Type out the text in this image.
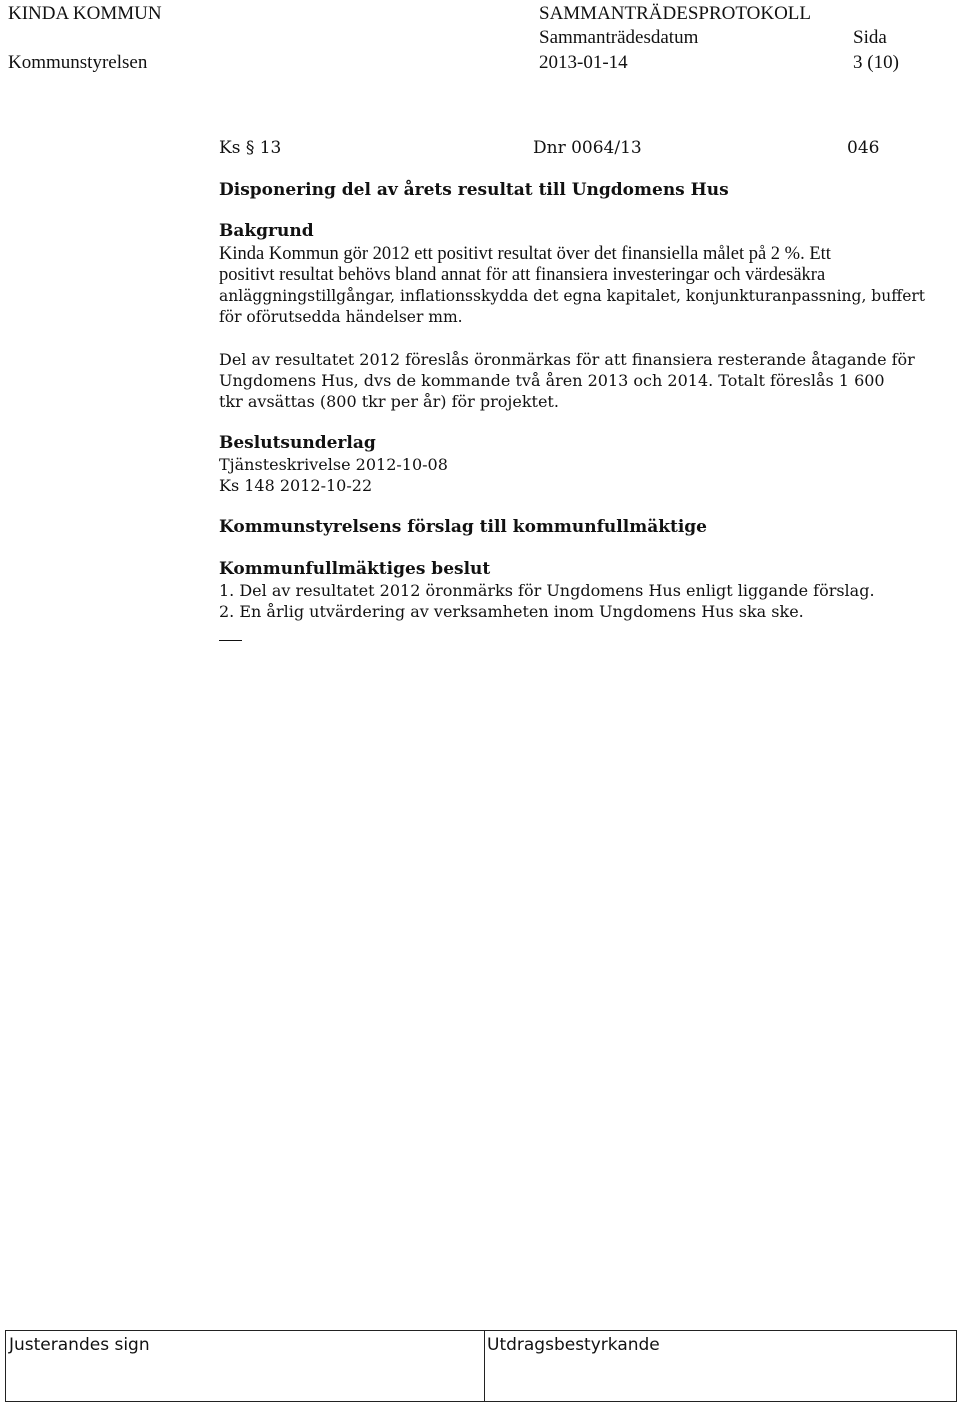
KINDA KOMMUN	SAMMANTRÄDESPROTOKOLL
Sammanträdesdatum	Sida
Kommunstyrelsen	2013-01-14	3 (10)
Ks § 13	Dnr 0064/13	046
Disponering del av årets resultat till Ungdomens Hus
Bakgrund
Kinda Kommun gör 2012 ett positivt resultat över det finansiella målet på 2 %. Ett
positivt resultat behövs bland annat för att finansiera investeringar och värdesäkra
anläggningstillgångar, inflationsskydda det egna kapitalet, konjunkturanpassning, buffert
för oförutsedda händelser mm.
Del av resultatet 2012 föreslås öronmärkas för att finansiera resterande åtagande för
Ungdomens Hus, dvs de kommande två åren 2013 och 2014. Totalt föreslås 1 600
tkr avsättas (800 tkr per år) för projektet.
Beslutsunderlag
Tjänsteskrivelse 2012-10-08
Ks 148 2012-10-22
Kommunstyrelsens förslag till kommunfullmäktige
Kommunfullmäktiges beslut
1. Del av resultatet 2012 öronmärks för Ungdomens Hus enligt liggande förslag.
2. En årlig utvärdering av verksamheten inom Ungdomens Hus ska ske.
Justerandes sign	Utdragsbestyrkande
